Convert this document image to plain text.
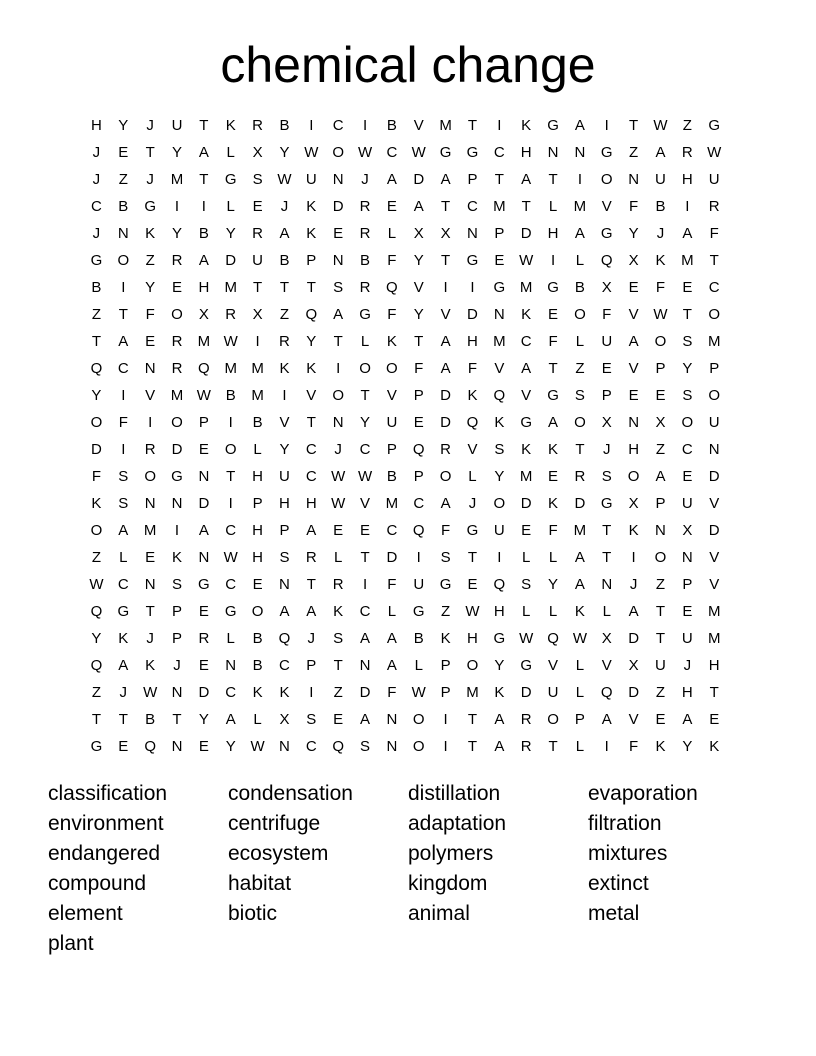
chemical change
H	Y	J	U	T	K	R	B	I	C	I	B	V	M	T	I	K	G	A	I	T	W	Z	G
J	E	T	Y	A	L	X	Y W O W C W G	G	C	H	N	N	G	Z	A	R W
J	Z	J	M	T	G	S W U	N	J	A	D	A	P	T	A	T	I	O	N	U	H	U
C	B	G	I	I	L	E	J	K	D	R	E	A	T	C	M	T	L	M	V	F	B	I	R
J	N	K	Y	B	Y	R	A	K	E	R	L	X	X	N	P	D	H	A	G	Y	J	A	F
G	O	Z	R	A	D	U	B	P	N	B	F	Y	T	G	E W	I	L	Q	X	K	M	T
B	I	Y	E	H	M	T	T	T	S	R	Q	V	I	I	G M G	B	X	E	F	E	C
Z	T	F	O	X	R	X	Z	Q	A	G	F	Y	V	D	N	K	E	O	F	V W	T	O
T	A	E	R	M W	I	R	Y	T	L	K	T	A	H	M	C	F	L	U	A	O	S	M
Q	C	N	R	Q M M	K	K	I	O	O	F	A	F	V	A	T	Z	E	V	P	Y	P
Y	I	V	M W B	M	I	V	O	T	V	P	D	K	Q	V	G	S	P	E	E	S	O
O	F	I	O	P	I	B	V	T	N	Y	U	E	D	Q	K	G	A	O	X	N	X	O	U
D	I	R	D	E	O	L	Y	C	J	C	P	Q	R	V	S	K	K	T	J	H	Z	C	N
F	S	O	G	N	T	H	U	C W W B	P	O	L	Y	M	E	R	S	O	A	E	D
K	S	N	N	D	I	P	H	H W V	M	C	A	J	O	D	K	D	G	X	P	U	V
O	A	M	I	A	C	H	P	A	E	E	C	Q	F	G	U	E	F	M	T	K	N	X	D
Z	L	E	K	N W H	S	R	L	T	D	I	S	T	I	L	L	A	T	I	O	N	V
W C	N	S	G	C	E	N	T	R	I	F	U	G	E	Q	S	Y	A	N	J	Z	P	V
Q	G	T	P	E	G	O	A	A	K	C	L	G	Z	W H	L	L	K	L	A	T	E	M
Y	K	J	P	R	L	B	Q	J	S	A	A	B	K	H	G W Q W X	D	T	U	M
Q	A	K	J	E	N	B	C	P	T	N	A	L	P	O	Y	G	V	L	V	X	U	J	H
Z	J	W N	D	C	K	K	I	Z	D	F	W P	M	K	D	U	L	Q	D	Z	H	T
T	T	B	T	Y	A	L	X	S	E	A	N	O	I	T	A	R	O	P	A	V	E	A	E
G	E	Q	N	E	Y W N	C	Q	S	N	O	I	T	A	R	T	L	I	F	K	Y	K
classification	condensation	distillation	evaporation
environment	centrifuge	adaptation	filtration
endangered	ecosystem	polymers	mixtures
compound	habitat	kingdom	extinct
element	biotic	animal	metal
plant
